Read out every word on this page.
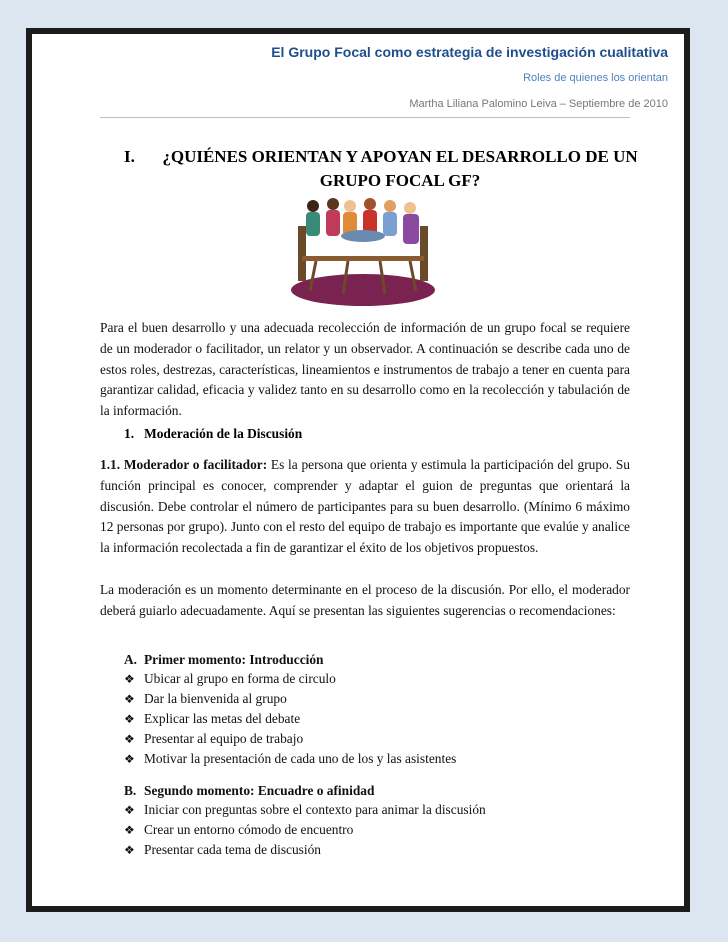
El Grupo Focal como estrategia de investigación cualitativa
Roles de quienes los orientan
Martha Liliana Palomino Leiva – Septiembre de 2010
I.	¿QUIÉNES ORIENTAN Y APOYAN EL DESARROLLO DE UN GRUPO FOCAL GF?
Para el buen desarrollo y una adecuada recolección de información de un grupo focal se requiere de un moderador o facilitador, un relator y un observador. A continuación se describe cada uno de estos roles, destrezas, características, lineamientos e instrumentos de trabajo a tener en cuenta para garantizar calidad, eficacia y validez tanto en su desarrollo como en la recolección y tabulación de la información.
1. Moderación de la Discusión
1.1. Moderador o facilitador: Es la persona que orienta y estimula la participación del grupo. Su función principal es conocer, comprender y adaptar el guion de preguntas que orientará la discusión. Debe controlar el número de participantes para su buen desarrollo. (Mínimo 6 máximo 12 personas por grupo). Junto con el resto del equipo de trabajo es importante que evalúe y analice la información recolectada a fin de garantizar el éxito de los objetivos propuestos.
La moderación es un momento determinante en el proceso de la discusión. Por ello, el moderador deberá guiarlo adecuadamente. Aquí se presentan las siguientes sugerencias o recomendaciones:
A. Primer momento: Introducción
❖ Ubicar al grupo en forma de circulo
❖ Dar la bienvenida al grupo
❖ Explicar las metas del debate
❖ Presentar al equipo de trabajo
❖ Motivar la presentación de cada uno de los y las asistentes
B. Segundo momento: Encuadre o afinidad
❖ Iniciar con preguntas sobre el contexto para animar la discusión
❖ Crear un entorno cómodo de encuentro
❖ Presentar cada tema de discusión
